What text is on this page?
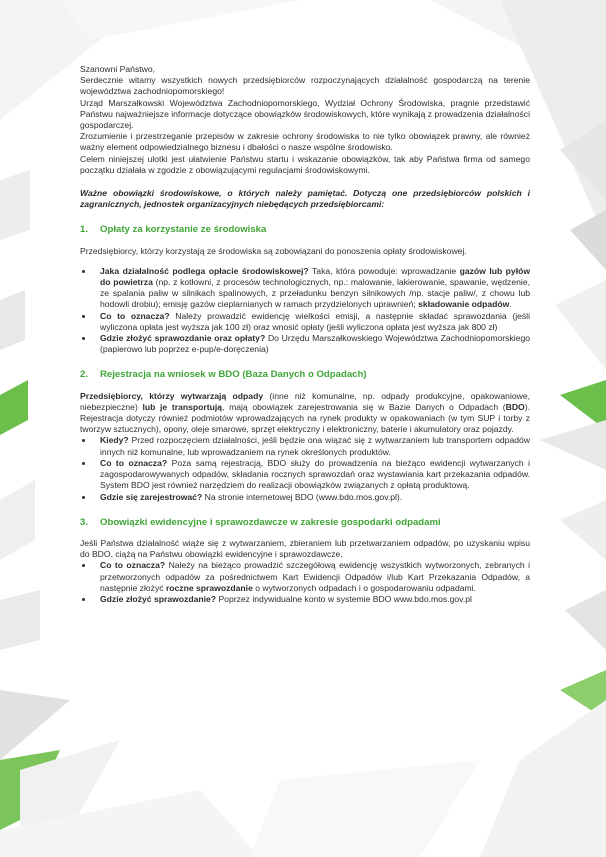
Szanowni Państwo,

Serdecznie witamy wszystkich nowych przedsiębiorców rozpoczynających działalność gospodarczą na terenie województwa zachodniopomorskiego!

Urząd Marszałkowski Województwa Zachodniopomorskiego, Wydział Ochrony Środowiska, pragnie przedstawić Państwu najważniejsze informacje dotyczące obowiązków środowiskowych, które wynikają z prowadzenia działalności gospodarczej.

Zrozumienie i przestrzeganie przepisów w zakresie ochrony środowiska to nie tylko obowiązek prawny, ale również ważny element odpowiedzialnego biznesu i dbałości o nasze wspólne środowisko.

Celem niniejszej ulotki jest ułatwienie Państwu startu i wskazanie obowiązków, tak aby Państwa firma od samego początku działała w zgodzie z obowiązującymi regulacjami środowiskowymi.

Ważne obowiązki środowiskowe, o których należy pamiętać. Dotyczą one przedsiębiorców polskich i zagranicznych, jednostek organizacyjnych niebędących przedsiębiorcami:

1.	Opłaty za korzystanie ze środowiska

Przedsiębiorcy, którzy korzystają ze środowiska są zobowiązani do ponoszenia opłaty środowiskowej.

• Jaka działalność podlega opłacie środowiskowej? Taka, która powoduje: wprowadzanie gazów lub pyłów do powietrza (np. z kotłowni, z procesów technologicznych, np.: malowanie, lakierowanie, spawanie, wędzenie, ze spalania paliw w silnikach spalinowych, z przeładunku benzyn silnikowych /np. stacje paliw/, z chowu lub hodowli drobiu); emisję gazów cieplarnianych w ramach przydzielonych uprawnień; składowanie odpadów.
• Co to oznacza? Należy prowadzić ewidencję wielkości emisji, a następnie składać sprawozdania (jeśli wyliczona opłata jest wyższa jak 100 zł) oraz wnosić opłaty (jeśli wyliczona opłata jest wyższa jak 800 zł)
• Gdzie złożyć sprawozdanie oraz opłaty? Do Urzędu Marszałkowskiego Województwa Zachodniopomorskiego (papierowo lub poprzez e-pup/e-doręczenia)
2.	Rejestracja na wniosek w BDO (Baza Danych o Odpadach)

Przedsiębiorcy, którzy wytwarzają odpady (inne niż komunalne, np. odpady produkcyjne, opakowaniowe, niebezpieczne) lub je transportują, mają obowiązek zarejestrowania się w Bazie Danych o Odpadach (BDO). Rejestracja dotyczy również podmiotów wprowadzających na rynek produkty w opakowaniach (w tym SUP i torby z tworzyw sztucznych), opony, oleje smarowe, sprzęt elektryczny i elektroniczny, baterie i akumulatory oraz pojazdy.

• Kiedy? Przed rozpoczęciem działalności, jeśli będzie ona wiązać się z wytwarzaniem lub transportem odpadów innych niż komunalne, lub wprowadzaniem na rynek określonych produktów.
• Co to oznacza? Poza samą rejestracją, BDO służy do prowadzenia na bieżąco ewidencji wytwarzanych i zagospodarowywanych odpadów, składania rocznych sprawozdań oraz wystawiania kart przekazania odpadów. System BDO jest również narzędziem do realizacji obowiązków związanych z opłatą produktową.
• Gdzie się zarejestrować? Na stronie internetowej BDO (www.bdo.mos.gov.pl).
3.	Obowiązki ewidencyjne i sprawozdawcze w zakresie gospodarki odpadami

Jeśli Państwa działalność wiąże się z wytwarzaniem, zbieraniem lub przetwarzaniem odpadów, po uzyskaniu wpisu do BDO, ciążą na Państwu obowiązki ewidencyjne i sprawozdawcze.

• Co to oznacza? Należy na bieżąco prowadzić szczegółową ewidencję wszystkich wytworzonych, zebranych i przetworzonych odpadów za pośrednictwem Kart Ewidencji Odpadów i/lub Kart Przekazania Odpadów, a następnie złożyć roczne sprawozdanie o wytworzonych odpadach i o gospodarowaniu odpadami.
• Gdzie złożyć sprawozdanie? Poprzez indywidualne konto w systemie BDO www.bdo.mos.gov.pl
